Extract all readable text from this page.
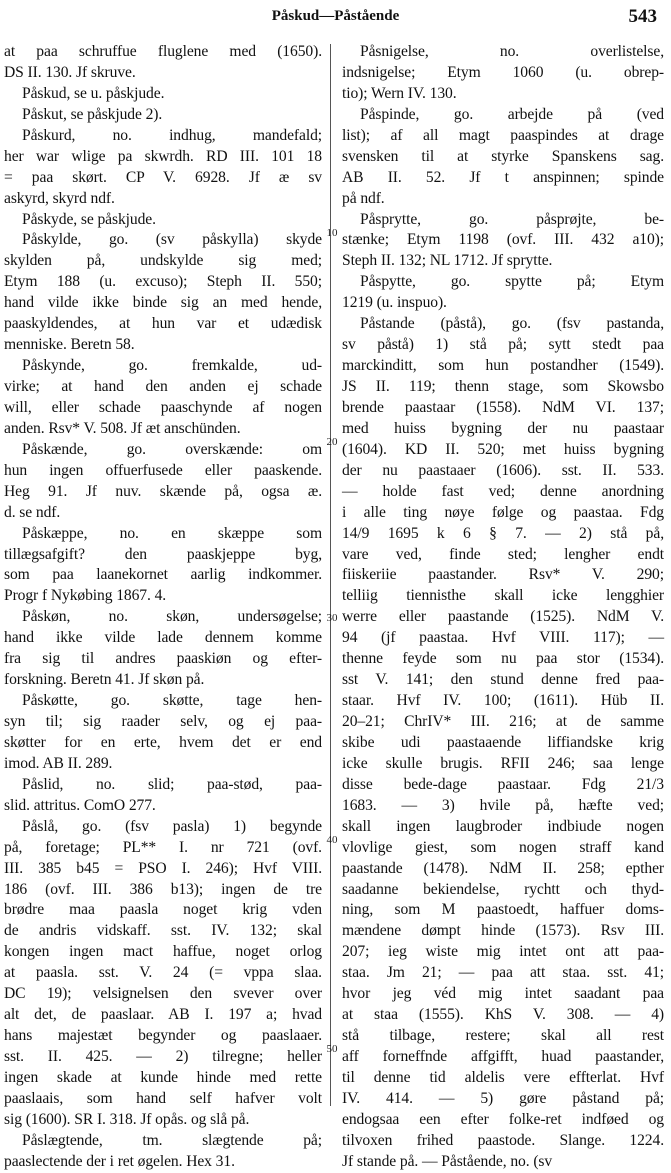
Påskud—Påstående	543
at paa schruffue fluglene med (1650).
DS II. 130. Jf skruve.
Påskud, se u. påskjude.
Påskut, se påskjude 2).
Påskurd, no. indhug, mandefald;
her war wlige pa skwrdh. RD III. 101 18
= paa skørt. CP V. 6928. Jf æ sv
askyrd, skyrd ndf.
Påskyde, se påskjude.
Påskylde, go. (sv påskylla) skyde
skylden på, undskylde sig med;
Etym 188 (u. excuso); Steph II. 550;
hand vilde ikke binde sig an med hende,
paaskyldendes, at hun var et udædisk
menniske. Beretn 58.
Påskynde, go. fremkalde, ud-
virke; at hand den anden ej schade
will, eller schade paaschynde af nogen
anden. Rsv* V. 508. Jf æt anschünden.
Påskænde, go. overskænde: om
hun ingen offuerfusede eller paaskende.
Heg 91. Jf nuv. skænde på, ogsa æ.
d. se ndf.
Påskæppe, no. en skæppe som
tillægsafgift? den paaskjeppe byg,
som paa laanekornet aarlig indkommer.
Progr f Nykøbing 1867. 4.
Påskøn, no. skøn, undersøgelse;
hand ikke vilde lade dennem komme
fra sig til andres paaskiøn og efter-
forskning. Beretn 41. Jf skøn på.
Påskøtte, go. skøtte, tage hen-
syn til; sig raader selv, og ej paa-
skøtter for en erte, hvem det er end
imod. AB II. 289.
Påslid, no. slid; paa-stød, paa-
slid. attritus. ComO 277.
Påslå, go. (fsv pasla) 1) begynde
på, foretage; PL** I. nr 721 (ovf.
III. 385 b45 = PSO I. 246); Hvf VIII.
186 (ovf. III. 386 b13); ingen de tre
brødre maa paasla noget krig vden
de andris vidskaff. sst. IV. 132; skal
kongen ingen mact haffue, noget orlog
at paasla. sst. V. 24 (= vppa slaa.
DC 19); velsignelsen den svever over
alt det, de paaslaar. AB I. 197 a; hvad
hans majestæt begynder og paaslaaer.
sst. II. 425. — 2) tilregne; heller
ingen skade at kunde hinde med rette
paaslaais, som hand self hafver volt
sig (1600). SR I. 318. Jf opås. og slå på.
Påslægtende, tm. slægtende på;
paaslectende der i ret øgelen. Hex 31.
Påsnigelse, no. overlistelse,
indsnigelse; Etym 1060 (u. obrep-
tio); Wern IV. 130.
Påspinde, go. arbejde på (ved
list); af all magt paaspindes at drage
svensken til at styrke Spanskens sag.
AB II. 52. Jf t anspinnen; spinde
på ndf.
Påsprytte, go. påsprøjte, be-
stænke; Etym 1198 (ovf. III. 432 a10);
Steph II. 132; NL 1712. Jf sprytte.
Påspytte, go. spytte på; Etym
1219 (u. inspuo).
Påstande (påstå), go. (fsv pastanda,
sv påstå) 1) stå på; sytt stedt paa
marckinditt, som hun postandher (1549).
JS II. 119; thenn stage, som Skowsbo
brende paastaar (1558). NdM VI. 137;
med huiss bygning der nu paastaar
(1604). KD II. 520; met huiss bygning
der nu paastaaer (1606). sst. II. 533.
— holde fast ved; denne anordning
i alle ting nøye følge og paastaa. Fdg
14/9 1695 k 6 § 7. — 2) stå på,
vare ved, finde sted; lengher endt
fiiskeriie paastander. Rsv* V. 290;
telliig tiennisthe skall icke lengghier
werre eller paastande (1525). NdM V.
94 (jf paastaa. Hvf VIII. 117); —
thenne feyde som nu paa stor (1534).
sst V. 141; den stund denne fred paa-
staar. Hvf IV. 100; (1611). Hüb II.
20–21; ChrIV* III. 216; at de samme
skibe udi paastaaende liffiandske krig
icke skulle brugis. RFII 246; saa lenge
disse bede-dage paastaar. Fdg 21/3
1683. — 3) hvile på, hæfte ved;
skall ingen laugbroder indbiude nogen
vlovlige giest, som nogen straff kand
paastande (1478). NdM II. 258; epther
saadanne bekiendelse, rychtt och thyd-
ning, som M paastoedt, haffuer doms-
mændene dømpt hinde (1573). Rsv III.
207; ieg wiste mig intet ont att paa-
staa. Jm 21; — paa att staa. sst. 41;
hvor jeg véd mig intet saadant paa
at staa (1555). KhS V. 308. — 4)
stå tilbage, restere; skal all rest
aff forneffnde affgifft, huad paastander,
til denne tid aldelis vere effterlat. Hvf
IV. 414. — 5) gøre påstand på;
endogsaa een efter folke-ret indføed og
tilvoxen frihed paastode. Slange. 1224.
Jf stande på. — Påstående, no. (sv
10
20
30
40
50
